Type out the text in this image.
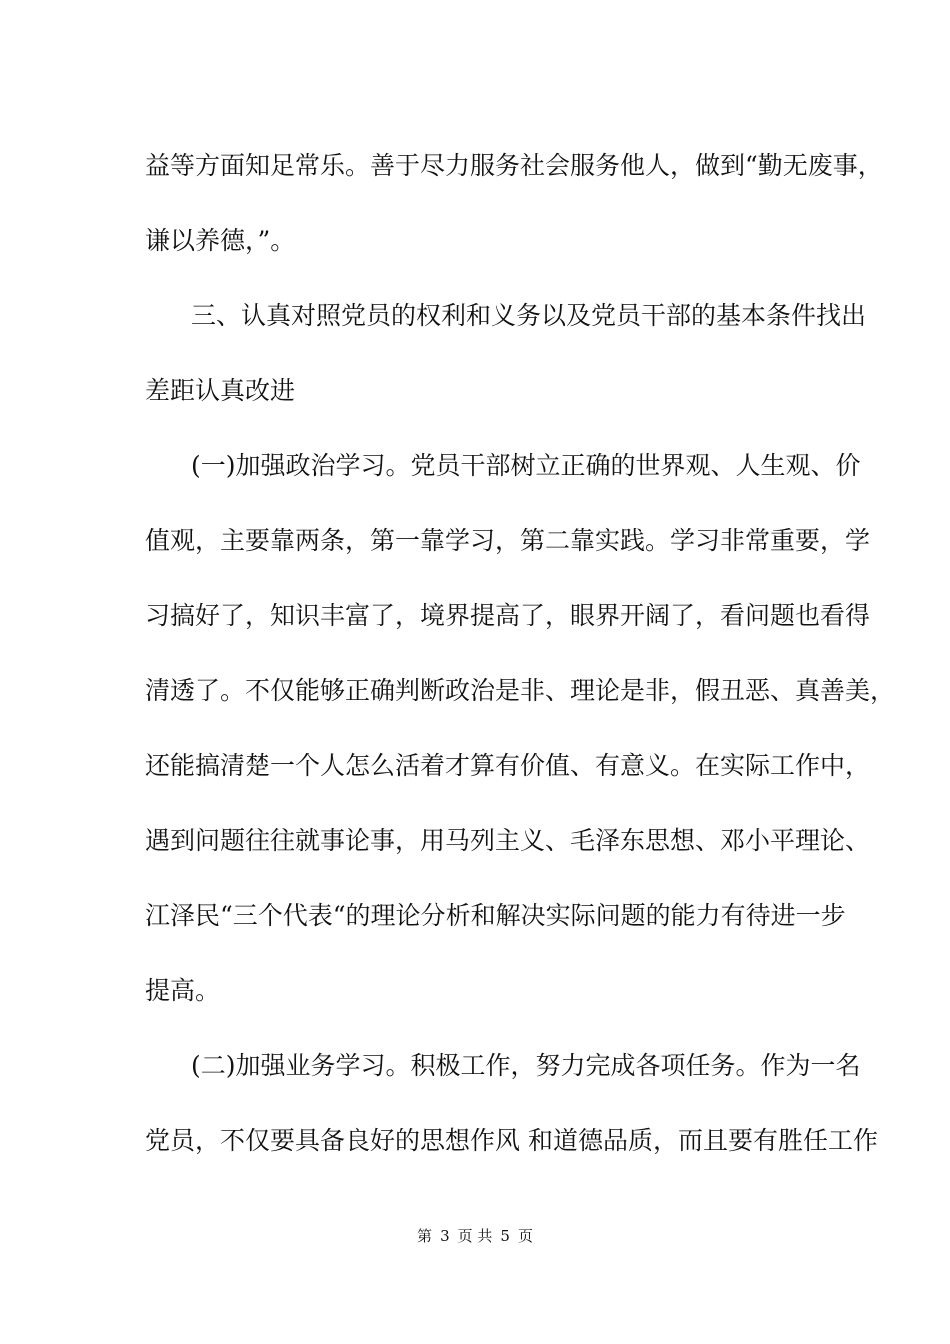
益等方面知足常乐。善于尽力服务社会服务他人，做到“勤无废事，
谦以养德，”。
三、认真对照党员的权利和义务以及党员干部的基本条件找出
差距认真改进
(一)加强政治学习。党员干部树立正确的世界观、人生观、价
值观，主要靠两条，第一靠学习，第二靠实践。学习非常重要，学
习搞好了，知识丰富了，境界提高了，眼界开阔了，看问题也看得
清透了。不仅能够正确判断政治是非、理论是非，假丑恶、真善美，
还能搞清楚一个人怎么活着才算有价值、有意义。在实际工作中，
遇到问题往往就事论事，用马列主义、毛泽东思想、邓小平理论、
江泽民“三个代表“的理论分析和解决实际问题的能力有待进一步
提高。
(二)加强业务学习。积极工作，努力完成各项任务。作为一名
党员，不仅要具备良好的思想作风 和道德品质，而且要有胜任工作
第 3 页 共 5 页
